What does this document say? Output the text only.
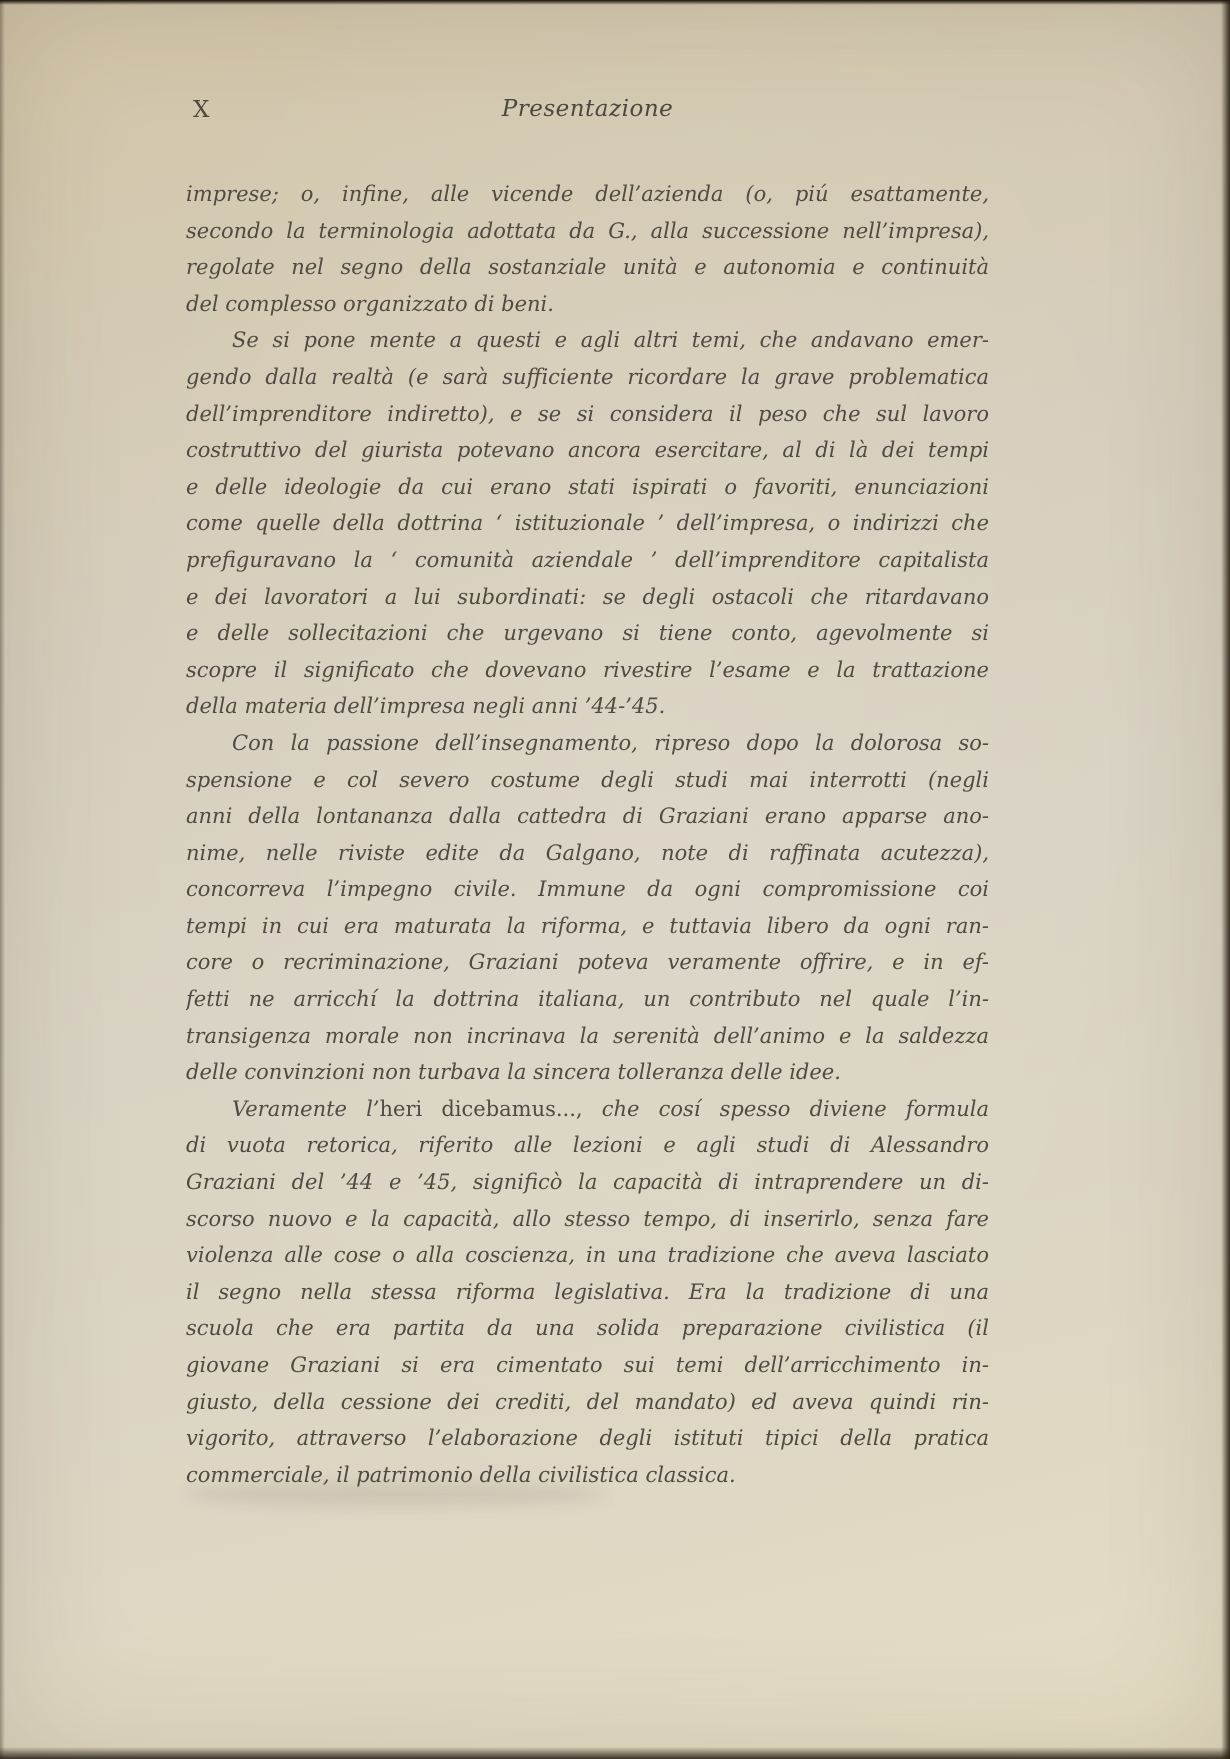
X	Presentazione
imprese; o, infine, alle vicende dell’azienda (o, piú esattamente,
secondo la terminologia adottata da G., alla successione nell’impresa),
regolate nel segno della sostanziale unità e autonomia e continuità
del complesso organizzato di beni.
Se si pone mente a questi e agli altri temi, che andavano emer-
gendo dalla realtà (e sarà sufficiente ricordare la grave problematica
dell’imprenditore indiretto), e se si considera il peso che sul lavoro
costruttivo del giurista potevano ancora esercitare, al di là dei tempi
e delle ideologie da cui erano stati ispirati o favoriti, enunciazioni
come quelle della dottrina ‘ istituzionale ’ dell’impresa, o indirizzi che
prefiguravano la ‘ comunità aziendale ’ dell’imprenditore capitalista
e dei lavoratori a lui subordinati: se degli ostacoli che ritardavano
e delle sollecitazioni che urgevano si tiene conto, agevolmente si
scopre il significato che dovevano rivestire l’esame e la trattazione
della materia dell’impresa negli anni ’44-’45.
Con la passione dell’insegnamento, ripreso dopo la dolorosa so-
spensione e col severo costume degli studi mai interrotti (negli
anni della lontananza dalla cattedra di Graziani erano apparse ano-
nime, nelle riviste edite da Galgano, note di raffinata acutezza),
concorreva l’impegno civile. Immune da ogni compromissione coi
tempi in cui era maturata la riforma, e tuttavia libero da ogni ran-
core o recriminazione, Graziani poteva veramente offrire, e in ef-
fetti ne arricchí la dottrina italiana, un contributo nel quale l’in-
transigenza morale non incrinava la serenità dell’animo e la saldezza
delle convinzioni non turbava la sincera tolleranza delle idee.
Veramente l’heri dicebamus..., che cosí spesso diviene formula
di vuota retorica, riferito alle lezioni e agli studi di Alessandro
Graziani del ’44 e ’45, significò la capacità di intraprendere un di-
scorso nuovo e la capacità, allo stesso tempo, di inserirlo, senza fare
violenza alle cose o alla coscienza, in una tradizione che aveva lasciato
il segno nella stessa riforma legislativa. Era la tradizione di una
scuola che era partita da una solida preparazione civilistica (il
giovane Graziani si era cimentato sui temi dell’arricchimento in-
giusto, della cessione dei crediti, del mandato) ed aveva quindi rin-
vigorito, attraverso l’elaborazione degli istituti tipici della pratica
commerciale, il patrimonio della civilistica classica.
